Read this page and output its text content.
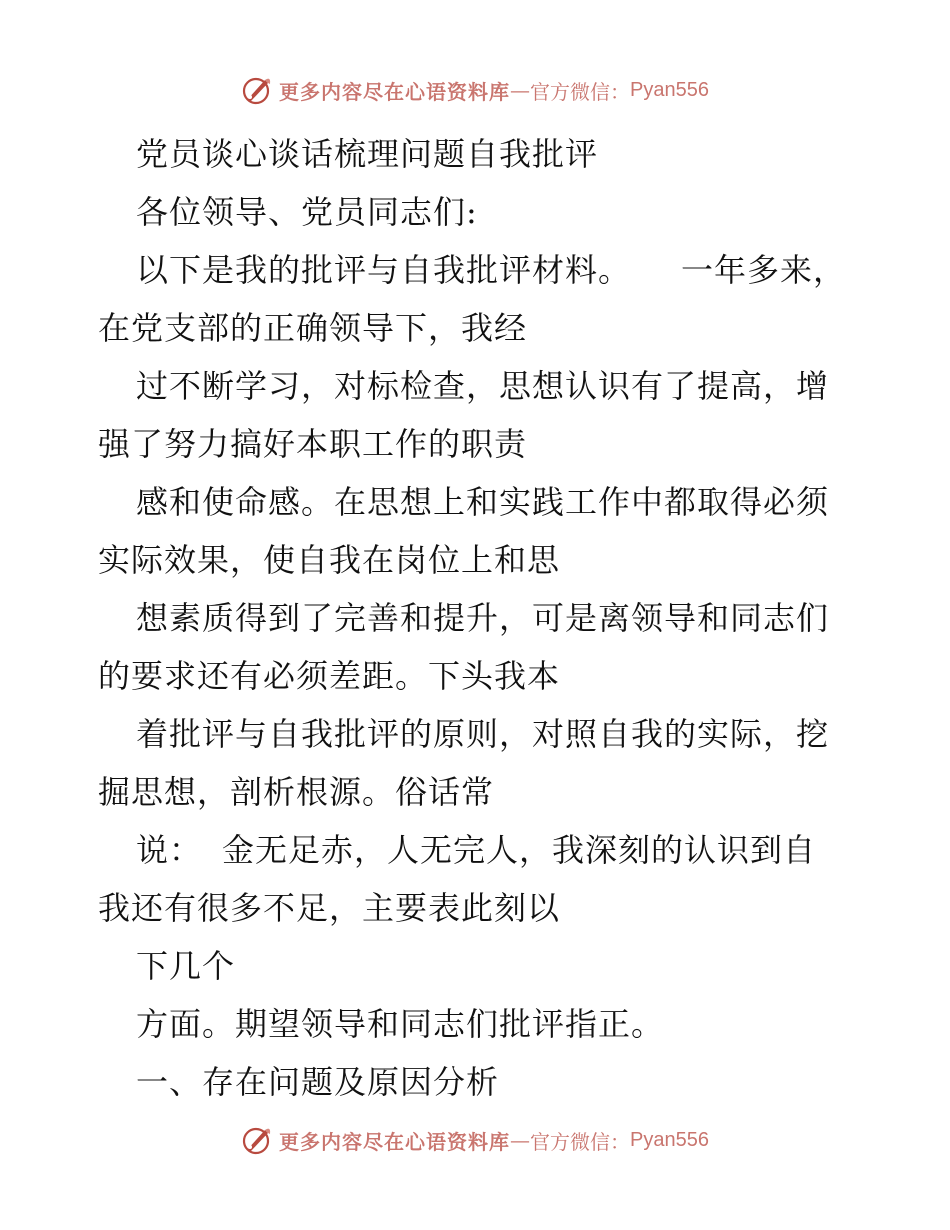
更多内容尽在心语资料库 — 官方微信： Pyan556
党员谈心谈话梳理问题自我批评
各位领导、党员同志们:
以下是我的批评与自我批评材料。 一年多来，
在党支部的正确领导下，我经
过不断学习，对标检查，思想认识有了提高，增
强了努力搞好本职工作的职责
感和使命感。在思想上和实践工作中都取得必须
实际效果，使自我在岗位上和思
想素质得到了完善和提升，可是离领导和同志们
的要求还有必须差距。下头我本
着批评与自我批评的原则，对照自我的实际，挖
掘思想，剖析根源。俗话常
说： 金无足赤，人无完人，我深刻的认识到自
我还有很多不足，主要表此刻以
下几个
方面。期望领导和同志们批评指正。
一、存在问题及原因分析
更多内容尽在心语资料库 — 官方微信： Pyan556
